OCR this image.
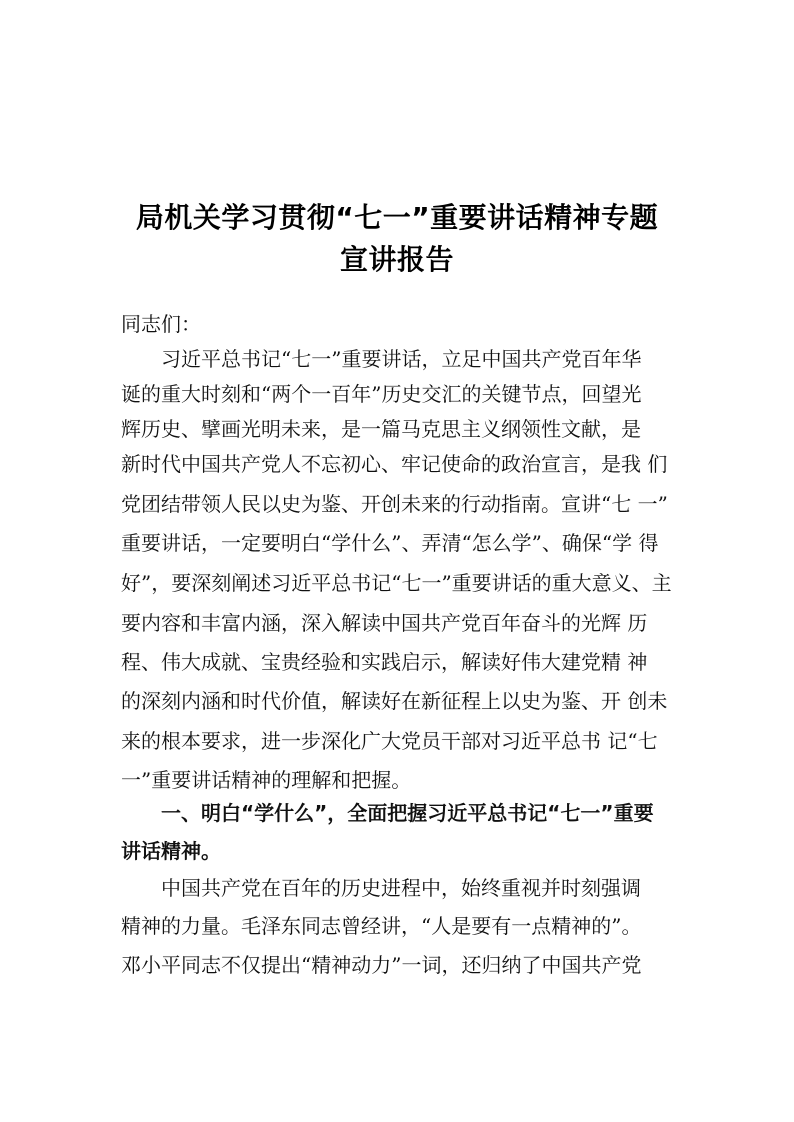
局机关学习贯彻“七一”重要讲话精神专题
宣讲报告
同志们：
习近平总书记“七一”重要讲话，立足中国共产党百年华
诞的重大时刻和“两个一百年”历史交汇的关键节点，回望光
辉历史、擘画光明未来，是一篇马克思主义纲领性文献，是
新时代中国共产党人不忘初心、牢记使命的政治宣言，是我 们
党团结带领人民以史为鉴、开创未来的行动指南。宣讲“七 一”
重要讲话，一定要明白“学什么”、弄清“怎么学”、确保“学 得
好”，要深刻阐述习近平总书记“七一”重要讲话的重大意义、主
要内容和丰富内涵，深入解读中国共产党百年奋斗的光辉 历
程、伟大成就、宝贵经验和实践启示，解读好伟大建党精 神
的深刻内涵和时代价值，解读好在新征程上以史为鉴、开 创未
来的根本要求，进一步深化广大党员干部对习近平总书 记“七
一”重要讲话精神的理解和把握。
一、明白“学什么”，全面把握习近平总书记“七一”重要
讲话精神。
中国共产党在百年的历史进程中，始终重视并时刻强调
精神的力量。毛泽东同志曾经讲，“人是要有一点精神的”。
邓小平同志不仅提出“精神动力”一词，还归纳了中国共产党
